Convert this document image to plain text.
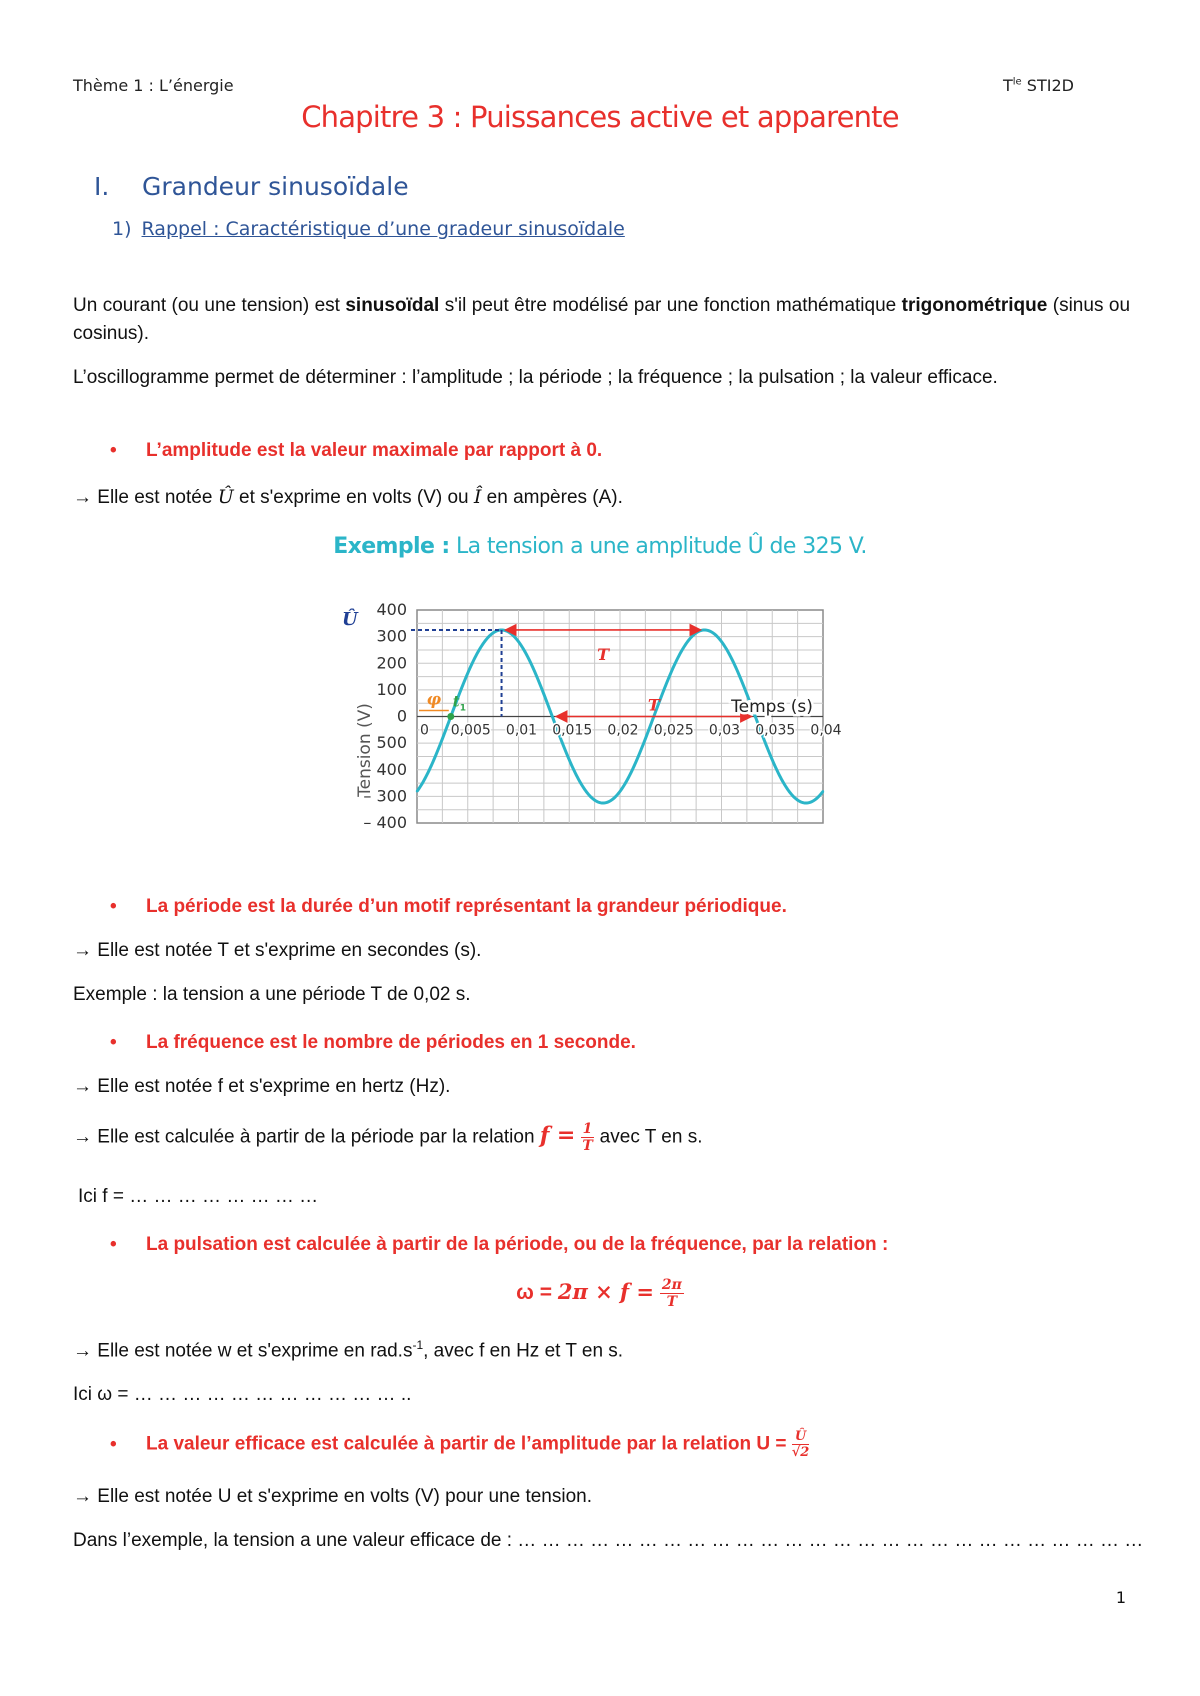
Thème 1 : L’énergie	$T^{le}$ STI2D
Chapitre 3 : Puissances active et apparente
I. Grandeur sinusoïdale
1) Rappel : Caractéristique d’une gradeur sinusoïdale
Un courant (ou une tension) est sinusoïdal s'il peut être modélisé par une fonction mathématique trigonométrique (sinus ou cosinus).
L’oscillogramme permet de déterminer : l’amplitude ; la période ; la fréquence ; la pulsation ; la valeur efficace.
• L’amplitude est la valeur maximale par rapport à 0.
→ Elle est notée Û et s'exprime en volts (V) ou Î en ampères (A).
Exemple : La tension a une amplitude Û de 325 V.
T
T
φ t 1
Û
0 0,005 0,01 0,015 0,02 0,025 0,03 0,035 0,04
400
300
200
100
0
500
– 400
– 300
– 400
Tension (V)	Temps (s)
• La période est la durée d’un motif représentant la grandeur périodique.
→ Elle est notée T et s'exprime en secondes (s).
Exemple : la tension a une période T de 0,02 s.
• La fréquence est le nombre de périodes en 1 seconde.
→ Elle est notée f et s'exprime en hertz (Hz).
→ Elle est calculée à partir de la période par la relation $f = \frac{1}{T}$ avec T en s.
Ici f = … … … … … … … …
• La pulsation est calculée à partir de la période, ou de la fréquence, par la relation :
$\omega = 2\pi \times f = \frac{2\pi}{T}$
→ Elle est notée w et s'exprime en $rad.s^{-1}$, avec f en Hz et T en s.
Ici ω = … … … … … … … … … … … ..
• La valeur efficace est calculée à partir de l’amplitude par la relation $U = \frac{Û}{√2}$
→ Elle est notée U et s'exprime en volts (V) pour une tension.
Dans l’exemple, la tension a une valeur efficace de : … … … … … … … … … … … … … … … … … … … … … … … … … …
1
